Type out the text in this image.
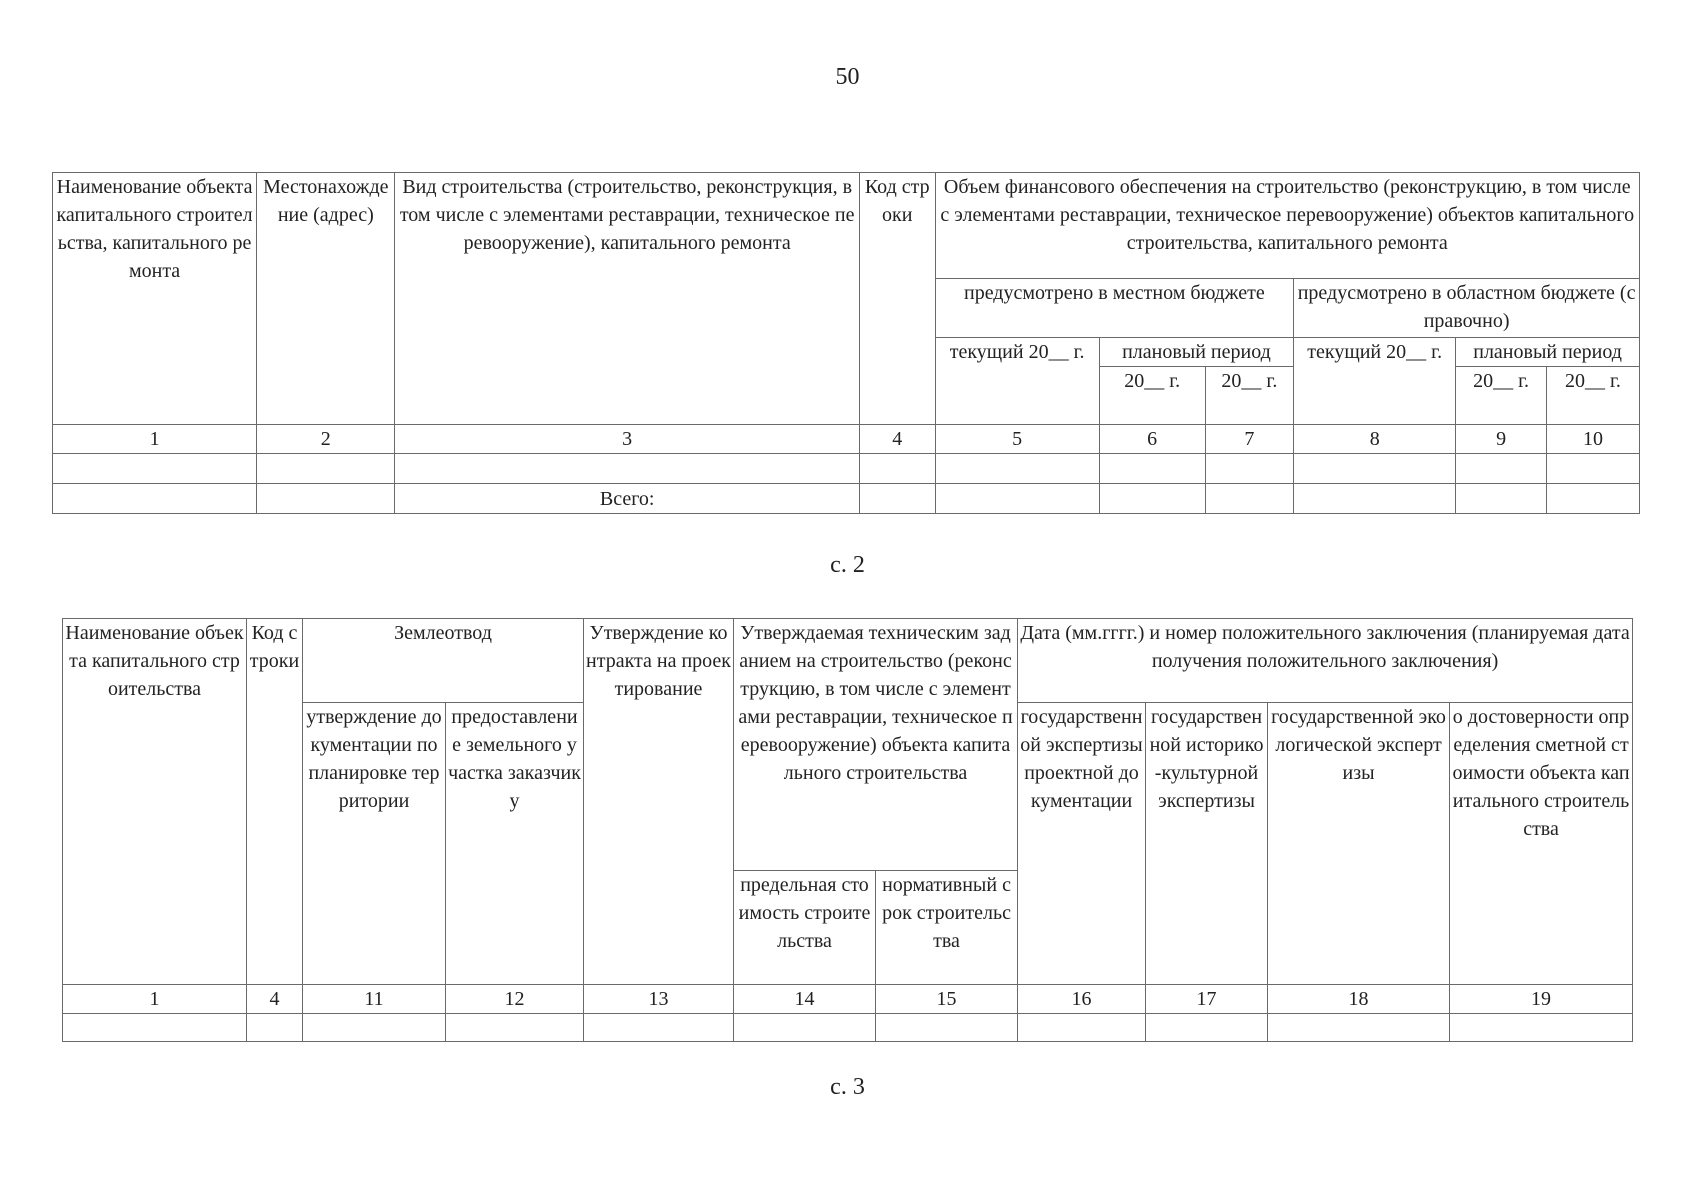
50
Наименование объекта капитального строительства, капитального ремонта	Местонахождение (адрес)	Вид строительства (строительство, реконструкция, в том числе с элементами реставрации, техническое перевооружение), капитального ремонта	Код строки	Объем финансового обеспечения на строительство (реконструкцию, в том числе с элементами реставрации, техническое перевооружение) объектов капитального строительства, капитального ремонта					
				предусмотрено в местном бюджете			предусмотрено в областном бюджете (справочно)		
				текущий 20__ г.	плановый период		текущий 20__ г.	плановый период	
					20__ г.	20__ г.		20__ г.	20__ г.
1	2	3	4	5	6	7	8	9	10

		Всего:							
с. 2
Наименование объекта капитального строительства	Код строки	Землеотвод		Утверждение контракта на проектирование	Утверждаемая техническим заданием на строительство (реконструкцию, в том числе с элементами реставрации, техническое перевооружение) объекта капитального строительства		Дата (мм.гггг.) и номер положительного заключения (планируемая дата получения положительного заключения)			
		утверждение документации по планировке территории	предоставление земельного участка заказчику				государственной экспертизы проектной документации	государственной историко-культурной экспертизы	государственной экологической экспертизы	о достоверности определения сметной стоимости объекта капитального строительства
					предельная стоимость строительства	нормативный срок строительства				
1	4	11	12	13	14	15	16	17	18	19

с. 3
